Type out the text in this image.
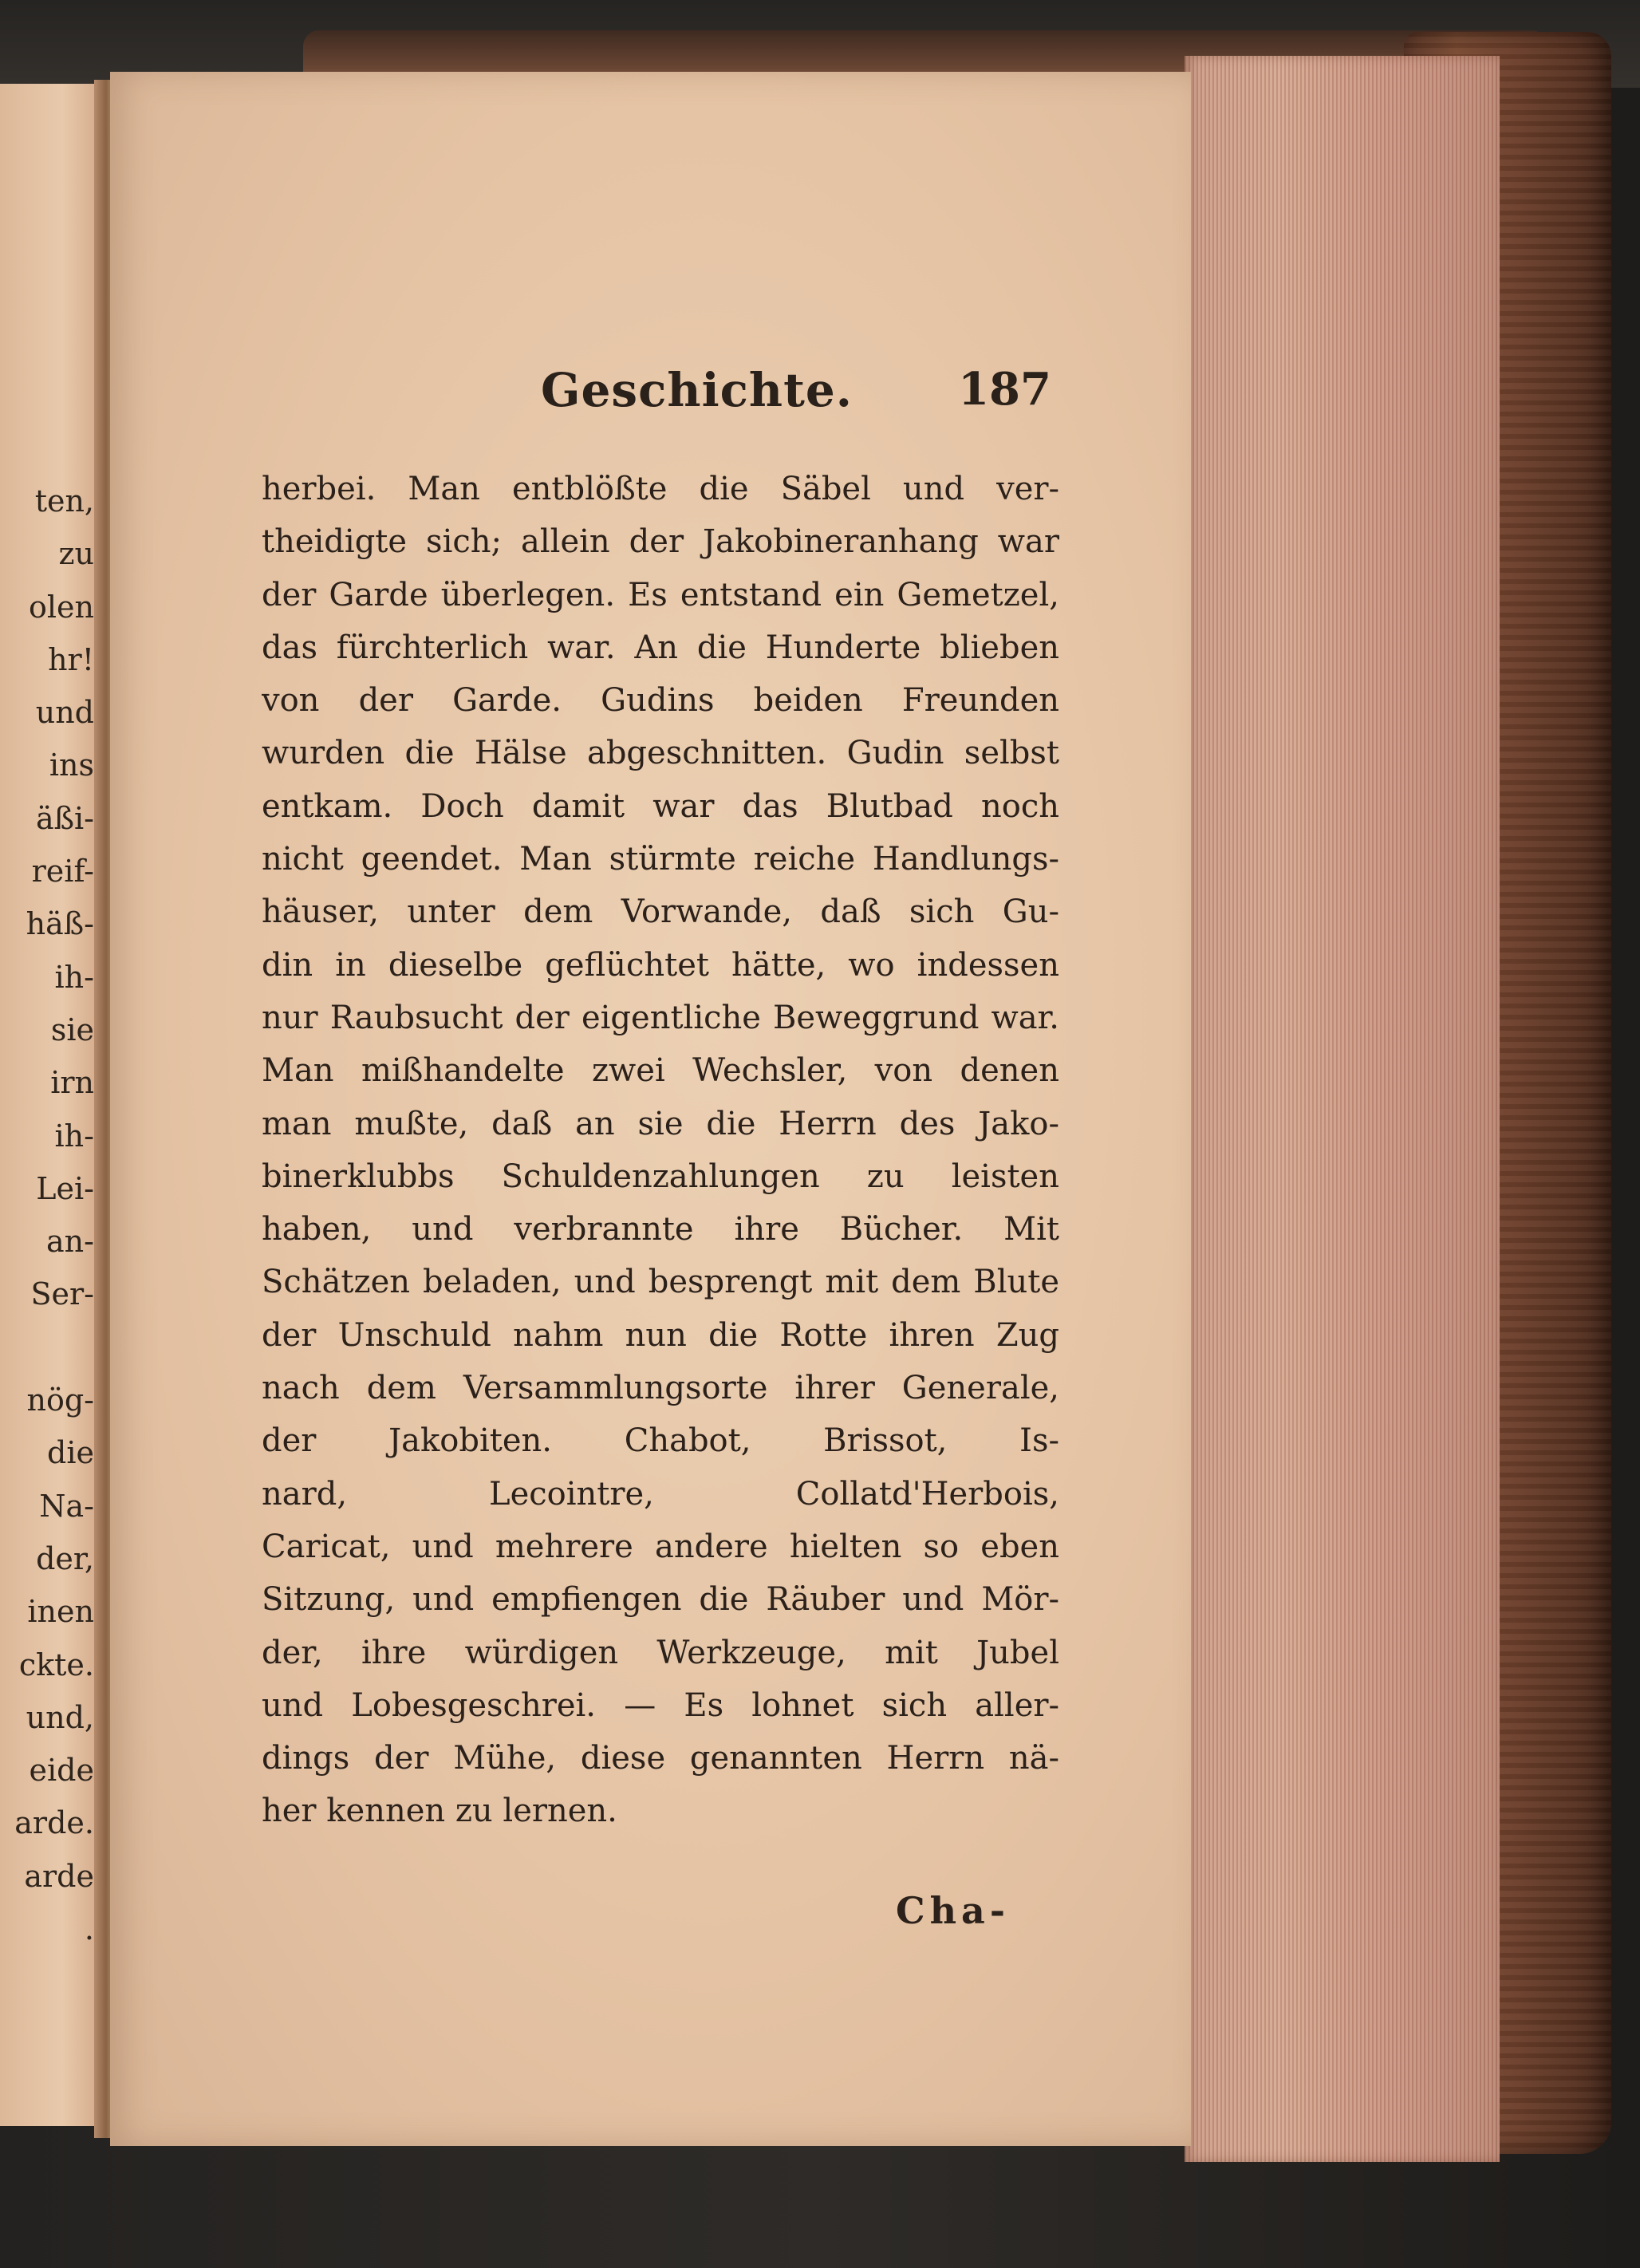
ten,
zu
olen
hr!
und
ins
äßi-
reif-
häß-
ih-
sie
irn
ih-
Lei-
an-
Ser-
nög-
die
Na-
der,
inen
ckte.
und,
eide
arde.
arde
.
Geschichte. 187
herbei. Man entblößte die Säbel und ver-
theidigte sich; allein der Jakobineranhang war
der Garde überlegen. Es entstand ein Gemetzel,
das fürchterlich war. An die Hunderte blieben
von der Garde. Gudins beiden Freunden
wurden die Hälse abgeschnitten. Gudin selbst
entkam. Doch damit war das Blutbad noch
nicht geendet. Man stürmte reiche Handlungs-
häuser, unter dem Vorwande, daß sich Gu-
din in dieselbe geflüchtet hätte, wo indessen
nur Raubsucht der eigentliche Beweggrund war.
Man mißhandelte zwei Wechsler, von denen
man mußte, daß an sie die Herrn des Jako-
binerklubbs Schuldenzahlungen zu leisten
haben, und verbrannte ihre Bücher. Mit
Schätzen beladen, und besprengt mit dem Blute
der Unschuld nahm nun die Rotte ihren Zug
nach dem Versammlungsorte ihrer Generale,
der Jakobiten. Chabot, Brissot, Is-
nard, Lecointre, Collatd'Herbois,
Caricat, und mehrere andere hielten so eben
Sitzung, und empfiengen die Räuber und Mör-
der, ihre würdigen Werkzeuge, mit Jubel
und Lobesgeschrei. — Es lohnet sich aller-
dings der Mühe, diese genannten Herrn nä-
her kennen zu lernen.
Cha-
